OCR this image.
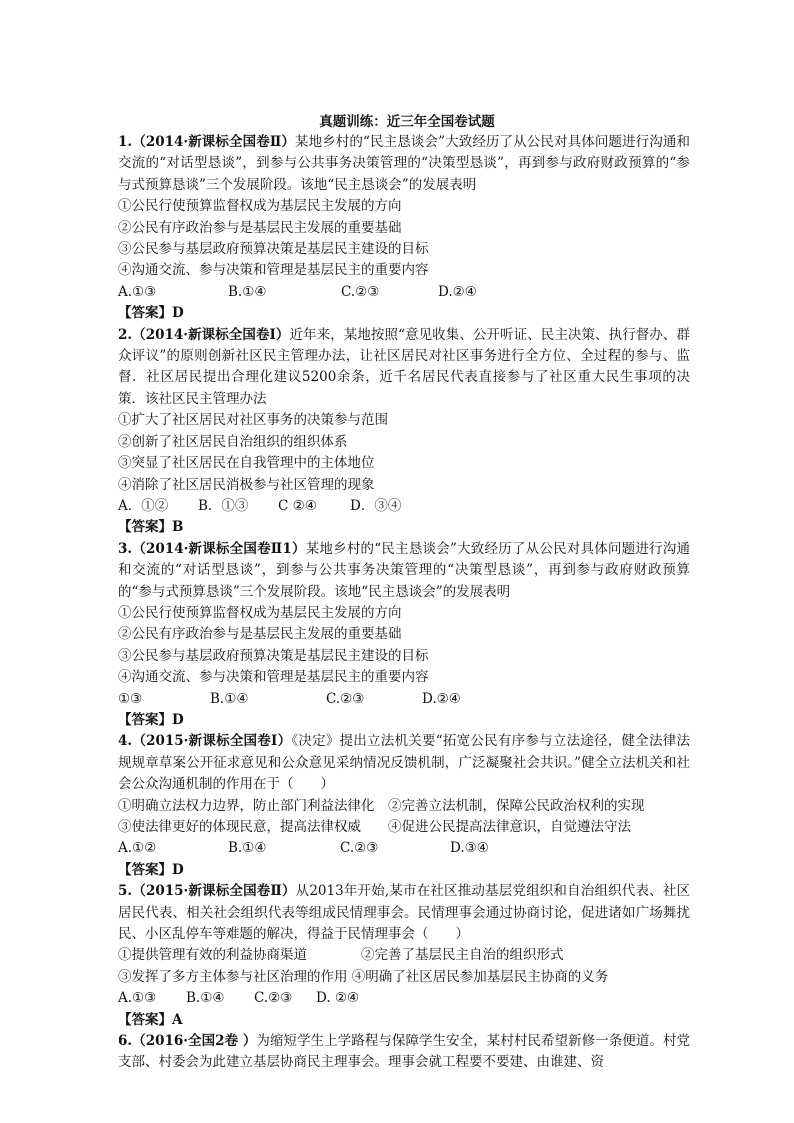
真题训练：近三年全国卷试题

1.（2014·新课标全国卷Ⅱ）某地乡村的“民主恳谈会”大致经历了从公民对具体问题进行沟通和交流的“对话型恳谈”，到参与公共事务决策管理的“决策型恳谈”，再到参与政府财政预算的“参与式预算恳谈”三个发展阶段。该地“民主恳谈会”的发展表明

①公民行使预算监督权成为基层民主发展的方向

②公民有序政治参与是基层民主发展的重要基础

③公民参与基层政府预算决策是基层民主建设的目标

④沟通交流、参与决策和管理是基层民主的重要内容

A.①③	B.①④	C.②③	D.②④

【答案】D

2.（2014·新课标全国卷Ⅰ）近年来，某地按照“意见收集、公开听证、民主决策、执行督办、群众评议”的原则创新社区民主管理办法，让社区居民对社区事务进行全方位、全过程的参与、监督．社区居民提出合理化建议5200余条，近千名居民代表直接参与了社区重大民生事项的决策．该社区民主管理办法

①扩大了社区居民对社区事务的决策参与范围

②创新了社区居民自治组织的组织体系

③突显了社区居民在自我管理中的主体地位

④消除了社区居民消极参与社区管理的现象

A．①②	B．①③	C ②④	D．③④

【答案】B

3.（2014·新课标全国卷Ⅱ1）某地乡村的“民主恳谈会”大致经历了从公民对具体问题进行沟通和交流的“对话型恳谈”，到参与公共事务决策管理的“决策型恳谈”，再到参与政府财政预算的“参与式预算恳谈”三个发展阶段。该地“民主恳谈会”的发展表明

①公民行使预算监督权成为基层民主发展的方向

②公民有序政治参与是基层民主发展的重要基础

③公民参与基层政府预算决策是基层民主建设的目标

④沟通交流、参与决策和管理是基层民主的重要内容

①③	B.①④	C.②③	D.②④

【答案】D

4.（2015·新课标全国卷Ⅰ）《决定》提出立法机关要“拓宽公民有序参与立法途径，健全法律法规规章草案公开征求意见和公众意见采纳情况反馈机制，广泛凝聚社会共识。”健全立法机关和社会公众沟通机制的作用在于（　　）

①明确立法权力边界，防止部门利益法律化　②完善立法机制，保障公民政治权利的实现

③使法律更好的体现民意，提高法律权威　　④促进公民提高法律意识，自觉遵法守法

A.①②	B.①④	C.②③	D.③④

【答案】D

5.（2015·新课标全国卷Ⅱ）从2013年开始,某市在社区推动基层党组织和自治组织代表、社区居民代表、相关社会组织代表等组成民情理事会。民情理事会通过协商讨论，促进诸如广场舞扰民、小区乱停车等难题的解决，得益于民情理事会（　　）

①提供管理有效的利益协商渠道　　　　②完善了基层民主自治的组织形式

③发挥了多方主体参与社区治理的作用 ④明确了社区居民参加基层民主协商的义务

A.①③	B.①④	C.②③	D. ②④

【答案】A

6.（2016·全国2卷 ）为缩短学生上学路程与保障学生安全，某村村民希望新修一条便道。村党支部、村委会为此建立基层协商民主理事会。理事会就工程要不要建、由谁建、资
